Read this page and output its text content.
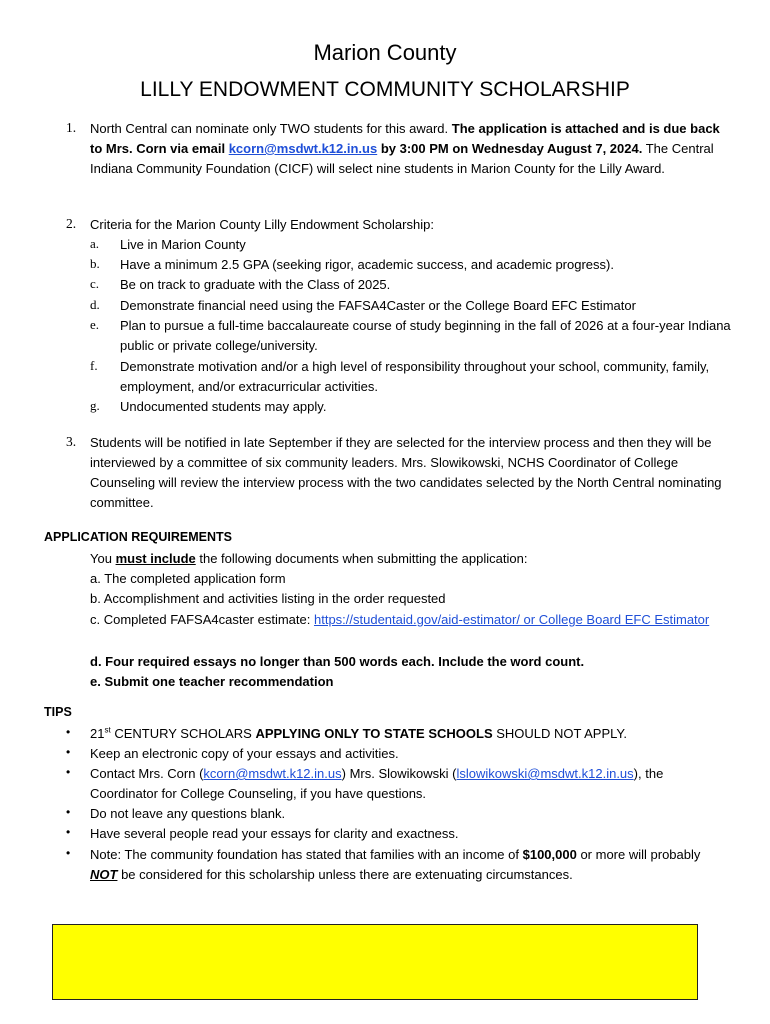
Marion County
LILLY ENDOWMENT COMMUNITY SCHOLARSHIP
1. North Central can nominate only TWO students for this award. The application is attached and is due back to Mrs. Corn via email kcorn@msdwt.k12.in.us by 3:00 PM on Wednesday August 7, 2024. The Central Indiana Community Foundation (CICF) will select nine students in Marion County for the Lilly Award.
2. Criteria for the Marion County Lilly Endowment Scholarship:
a. Live in Marion County
b. Have a minimum 2.5 GPA (seeking rigor, academic success, and academic progress).
c. Be on track to graduate with the Class of 2025.
d. Demonstrate financial need using the FAFSA4Caster or the College Board EFC Estimator
e. Plan to pursue a full-time baccalaureate course of study beginning in the fall of 2026 at a four-year Indiana public or private college/university.
f. Demonstrate motivation and/or a high level of responsibility throughout your school, community, family, employment, and/or extracurricular activities.
g. Undocumented students may apply.
3. Students will be notified in late September if they are selected for the interview process and then they will be interviewed by a committee of six community leaders. Mrs. Slowikowski, NCHS Coordinator of College Counseling will review the interview process with the two candidates selected by the North Central nominating committee.
APPLICATION REQUIREMENTS
You must include the following documents when submitting the application:
a. The completed application form
b. Accomplishment and activities listing in the order requested
c. Completed FAFSA4caster estimate: https://studentaid.gov/aid-estimator/ or College Board EFC Estimator
d. Four required essays no longer than 500 words each. Include the word count.
e. Submit one teacher recommendation
TIPS
• 21st CENTURY SCHOLARS APPLYING ONLY TO STATE SCHOOLS SHOULD NOT APPLY.
• Keep an electronic copy of your essays and activities.
• Contact Mrs. Corn (kcorn@msdwt.k12.in.us) Mrs. Slowikowski (lslowikowski@msdwt.k12.in.us), the Coordinator for College Counseling, if you have questions.
• Do not leave any questions blank.
• Have several people read your essays for clarity and exactness.
• Note: The community foundation has stated that families with an income of $100,000 or more will probably NOT be considered for this scholarship unless there are extenuating circumstances.
